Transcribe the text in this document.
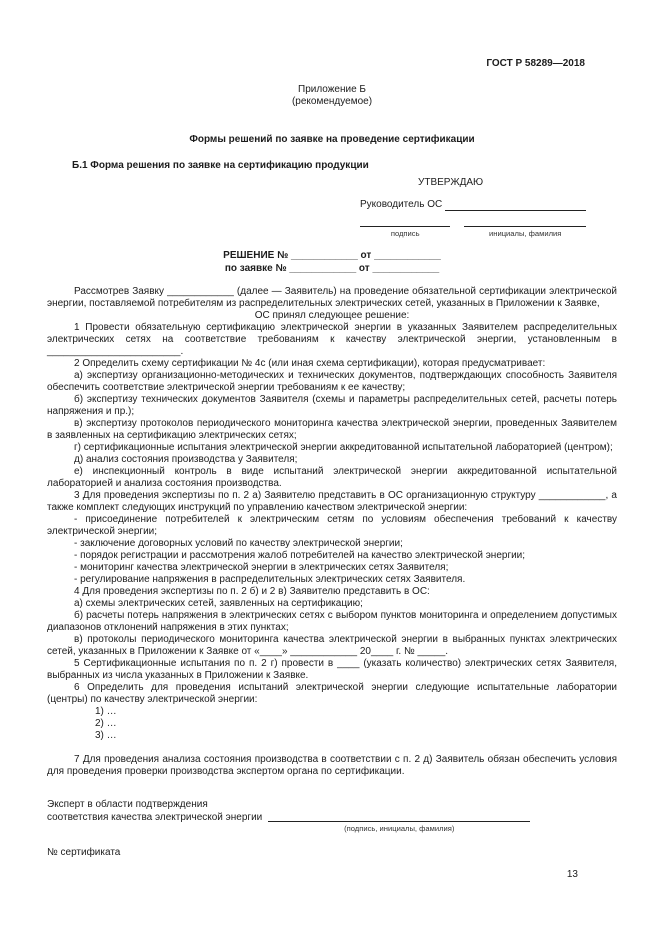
ГОСТ Р 58289—2018
Приложение Б
(рекомендуемое)
Формы решений по заявке на проведение сертификации
Б.1 Форма решения по заявке на сертификацию продукции
УТВЕРЖДАЮ
Руководитель ОС
подпись	инициалы, фамилия
РЕШЕНИЕ № ____________ от ____________
по заявке № ____________ от ____________

Рассмотрев Заявку ____________ (далее — Заявитель) на проведение обязательной сертификации электрической энергии, поставляемой потребителям из распределительных электрических сетей, указанных в Приложении к Заявке,

ОС принял следующее решение:

1 Провести обязательную сертификацию электрической энергии в указанных Заявителем распределительных электрических сетях на соответствие требованиям к качеству электрической энергии, установленным в ________________________.

2 Определить схему сертификации № 4с (или иная схема сертификации), которая предусматривает:

а) экспертизу организационно-методических и технических документов, подтверждающих способность Заявителя обеспечить соответствие электрической энергии требованиям к ее качеству;

б) экспертизу технических документов Заявителя (схемы и параметры распределительных сетей, расчеты потерь напряжения и пр.);

в) экспертизу протоколов периодического мониторинга качества электрической энергии, проведенных Заявителем в заявленных на сертификацию электрических сетях;

г) сертификационные испытания электрической энергии аккредитованной испытательной лабораторией (центром);

д) анализ состояния производства у Заявителя;

е) инспекционный контроль в виде испытаний электрической энергии аккредитованной испытательной лабораторией и анализа состояния производства.

3 Для проведения экспертизы по п. 2 а) Заявителю представить в ОС организационную структуру ____________, а также комплект следующих инструкций по управлению качеством электрической энергии:

- присоединение потребителей к электрическим сетям по условиям обеспечения требований к качеству электрической энергии;

- заключение договорных условий по качеству электрической энергии;

- порядок регистрации и рассмотрения жалоб потребителей на качество электрической энергии;

- мониторинг качества электрической энергии в электрических сетях Заявителя;

- регулирование напряжения в распределительных электрических сетях Заявителя.

4 Для проведения экспертизы по п. 2 б) и 2 в) Заявителю представить в ОС:

а) схемы электрических сетей, заявленных на сертификацию;

б) расчеты потерь напряжения в электрических сетях с выбором пунктов мониторинга и определением допустимых диапазонов отклонений напряжения в этих пунктах;

в) протоколы периодического мониторинга качества электрической энергии в выбранных пунктах электрических сетей, указанных в Приложении к Заявке от «____» ____________ 20____ г. № _____.

5 Сертификационные испытания по п. 2 г) провести в ____ (указать количество) электрических сетях Заявителя, выбранных из числа указанных в Приложении к Заявке.

6 Определить для проведения испытаний электрической энергии следующие испытательные лаборатории (центры) по качеству электрической энергии:

1) …

2) …

3) …

7 Для проведения анализа состояния производства в соответствии с п. 2 д) Заявитель обязан обеспечить условия для проведения проверки производства экспертом органа по сертификации.

Эксперт в области подтверждения
соответствия качества электрической энергии
(подпись, инициалы, фамилия)
№ сертификата
13
